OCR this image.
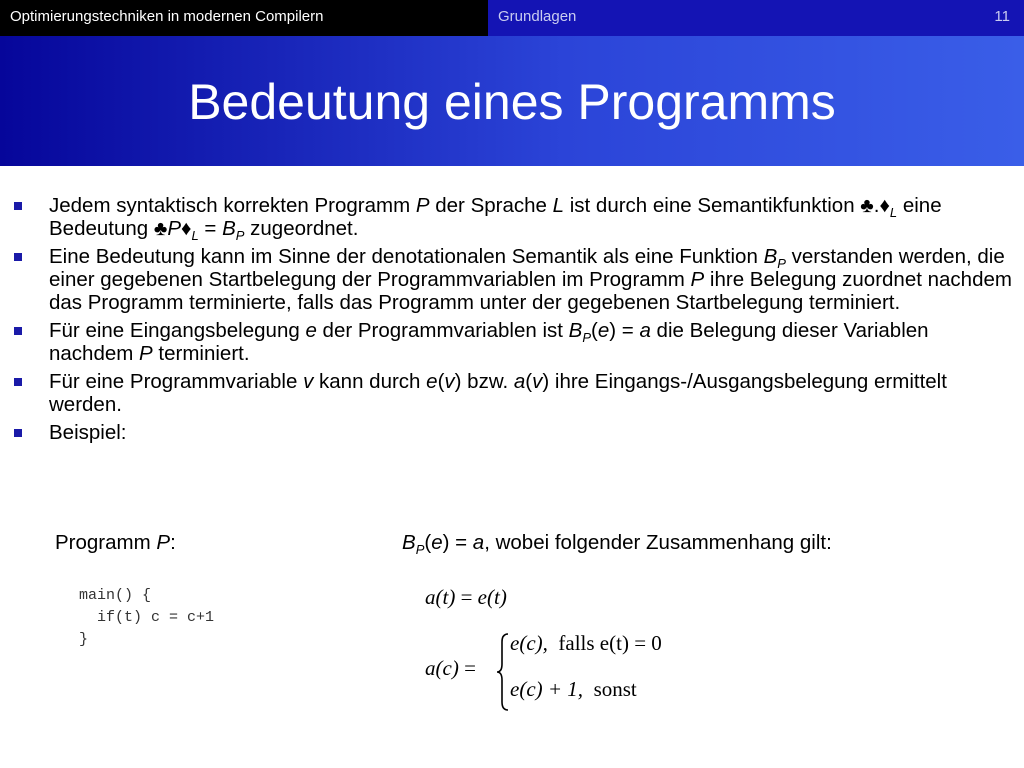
Optimierungstechniken in modernen Compilern	Grundlagen	11
Bedeutung eines Programms
Jedem syntaktisch korrekten Programm P der Sprache L ist durch eine Semantikfunktion $♣.♦_L$ eine Bedeutung $♣P♦_L = B_P$ zugeordnet.
Eine Bedeutung kann im Sinne der denotationalen Semantik als eine Funktion $B_P$ verstanden werden, die einer gegebenen Startbelegung der Programmvariablen im Programm P ihre Belegung zuordnet nachdem das Programm terminierte, falls das Programm unter der gegebenen Startbelegung terminiert.
Für eine Eingangsbelegung e der Programmvariablen ist $B_P(e) = a$ die Belegung dieser Variablen nachdem P terminiert.
Für eine Programmvariable v kann durch e(v) bzw. a(v) ihre Eingangs-/Ausgangsbelegung ermittelt werden.
Beispiel:
Programm P:	$B_P(e) = a$, wobei folgender Zusammenhang gilt:
main() {
if(t) c = c+1
}
a(t) = e(t)
a(c) =
e(c), falls e(t) = 0
e(c) + 1, sonst
